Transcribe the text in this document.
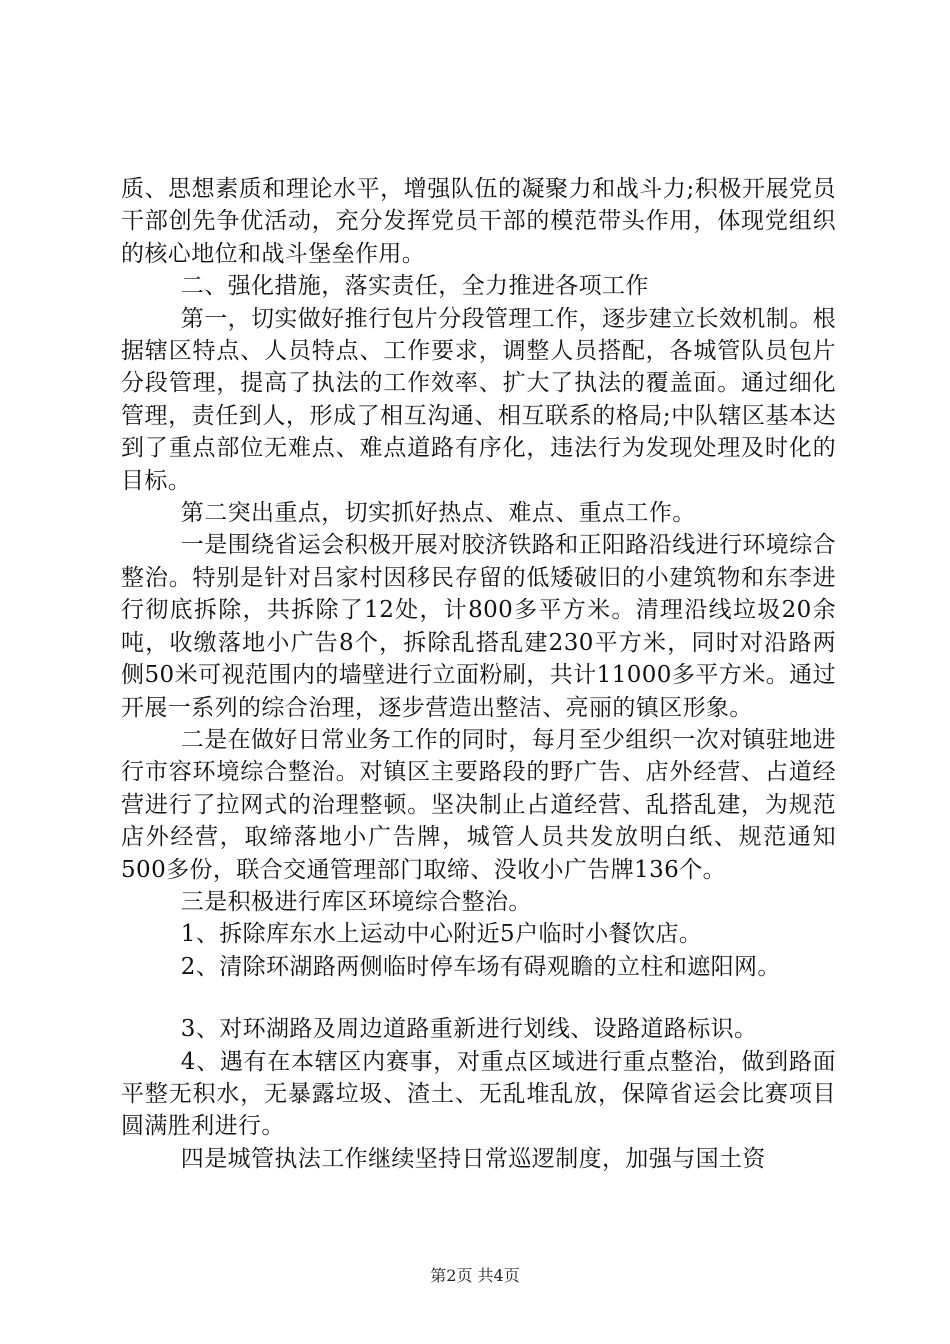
质、思想素质和理论水平，增强队伍的凝聚力和战斗力;积极开展党员干部创先争优活动，充分发挥党员干部的模范带头作用，体现党组织的核心地位和战斗堡垒作用。

二、强化措施，落实责任，全力推进各项工作

第一，切实做好推行包片分段管理工作，逐步建立长效机制。根据辖区特点、人员特点、工作要求，调整人员搭配，各城管队员包片分段管理，提高了执法的工作效率、扩大了执法的覆盖面。通过细化管理，责任到人，形成了相互沟通、相互联系的格局;中队辖区基本达到了重点部位无难点、难点道路有序化，违法行为发现处理及时化的目标。

第二突出重点，切实抓好热点、难点、重点工作。

一是围绕省运会积极开展对胶济铁路和正阳路沿线进行环境综合整治。特别是针对吕家村因移民存留的低矮破旧的小建筑物和东李进行彻底拆除，共拆除了12处，计800多平方米。清理沿线垃圾20余吨，收缴落地小广告8个，拆除乱搭乱建230平方米，同时对沿路两侧50米可视范围内的墙壁进行立面粉刷，共计11000多平方米。通过开展一系列的综合治理，逐步营造出整洁、亮丽的镇区形象。

二是在做好日常业务工作的同时，每月至少组织一次对镇驻地进行市容环境综合整治。对镇区主要路段的野广告、店外经营、占道经营进行了拉网式的治理整顿。坚决制止占道经营、乱搭乱建，为规范店外经营，取缔落地小广告牌，城管人员共发放明白纸、规范通知500多份，联合交通管理部门取缔、没收小广告牌136个。

三是积极进行库区环境综合整治。

1、拆除库东水上运动中心附近5户临时小餐饮店。

2、清除环湖路两侧临时停车场有碍观瞻的立柱和遮阳网。

3、对环湖路及周边道路重新进行划线、设路道路标识。

4、遇有在本辖区内赛事，对重点区域进行重点整治，做到路面平整无积水，无暴露垃圾、渣土、无乱堆乱放，保障省运会比赛项目圆满胜利进行。

四是城管执法工作继续坚持日常巡逻制度，加强与国土资

第2页 共4页
